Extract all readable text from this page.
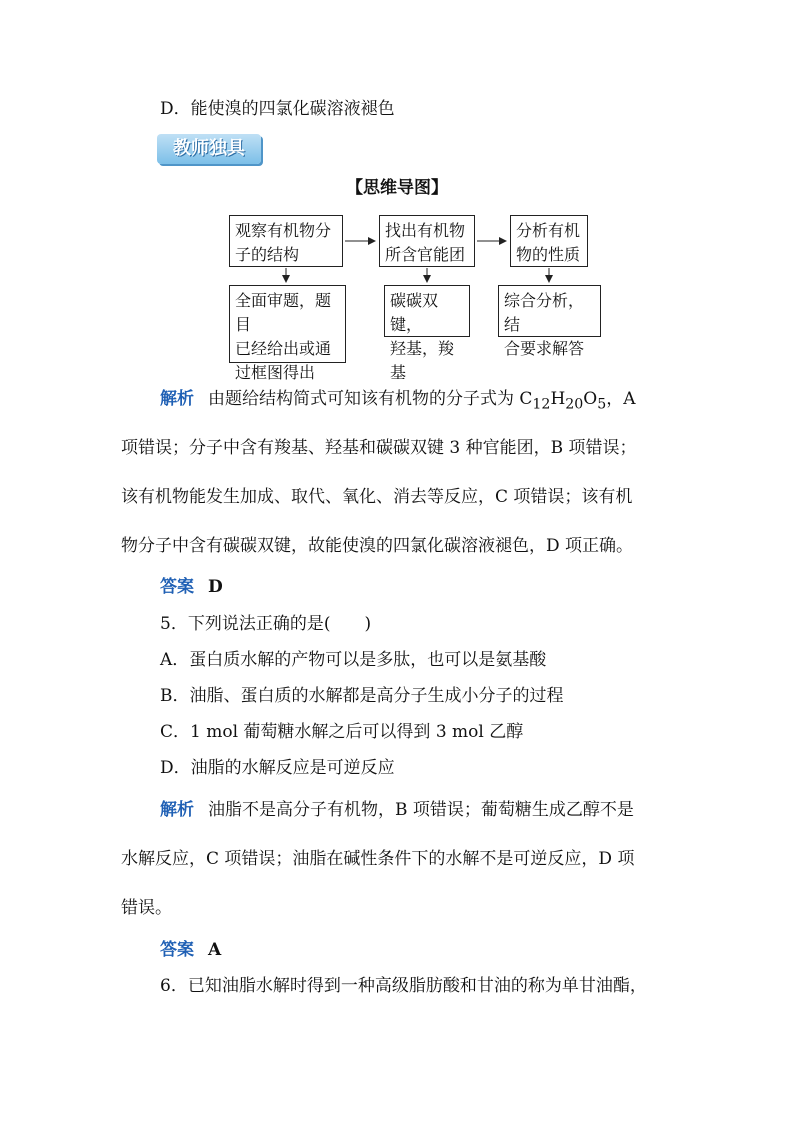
D．能使溴的四氯化碳溶液褪色
教师独具
【思维导图】
观察有机物分
子的结构
找出有机物
所含官能团
分析有机
物的性质
全面审题，题目
已经给出或通
过框图得出
碳碳双键，
羟基，羧基
综合分析，结
合要求解答
解析 由题给结构简式可知该有机物的分子式为 $C_{12}H_{20}O_5$，A
项错误；分子中含有羧基、羟基和碳碳双键 3 种官能团，B 项错误；
该有机物能发生加成、取代、氧化、消去等反应，C 项错误；该有机
物分子中含有碳碳双键，故能使溴的四氯化碳溶液褪色，D 项正确。
答案 D
5．下列说法正确的是(　　)
A．蛋白质水解的产物可以是多肽，也可以是氨基酸
B．油脂、蛋白质的水解都是高分子生成小分子的过程
C．1 mol 葡萄糖水解之后可以得到 3 mol 乙醇
D．油脂的水解反应是可逆反应
解析 油脂不是高分子有机物，B 项错误；葡萄糖生成乙醇不是
水解反应，C 项错误；油脂在碱性条件下的水解不是可逆反应，D 项
错误。
答案 A
6．已知油脂水解时得到一种高级脂肪酸和甘油的称为单甘油酯，
